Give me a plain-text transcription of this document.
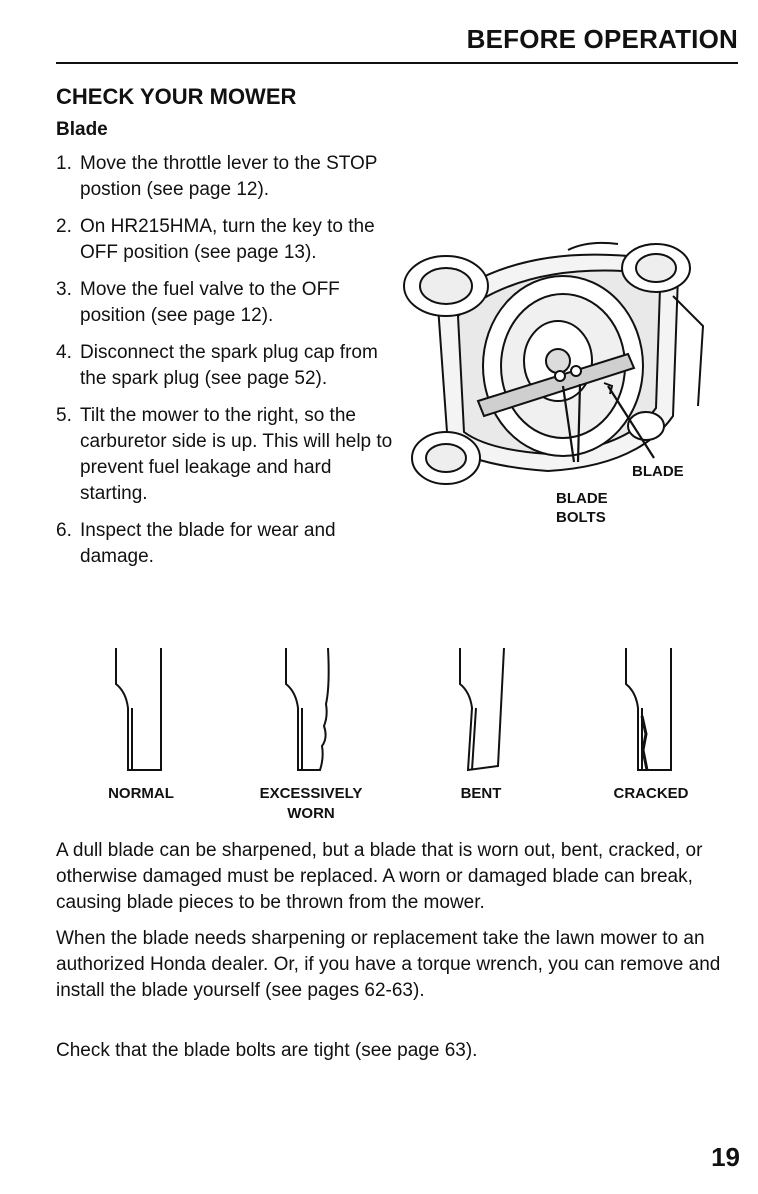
BEFORE OPERATION
CHECK YOUR MOWER
Blade
1. Move the throttle lever to the STOP postion (see page 12).
2. On HR215HMA, turn the key to the OFF position (see page 13).
3. Move the fuel valve to the OFF position (see page 12).
4. Disconnect the spark plug cap from the spark plug (see page 52).
5. Tilt the mower to the right, so the carburetor side is up. This will help to prevent fuel leakage and hard starting.
6. Inspect the blade for wear and damage.
BLADE
BLADE
BOLTS
NORMAL	EXCESSIVELY
WORN
BENT	CRACKED

A dull blade can be sharpened, but a blade that is worn out, bent, cracked, or otherwise damaged must be replaced. A worn or damaged blade can break, causing blade pieces to be thrown from the mower.

When the blade needs sharpening or replacement take the lawn mower to an authorized Honda dealer. Or, if you have a torque wrench, you can remove and install the blade yourself (see pages 62-63).

Check that the blade bolts are tight (see page 63).

19
